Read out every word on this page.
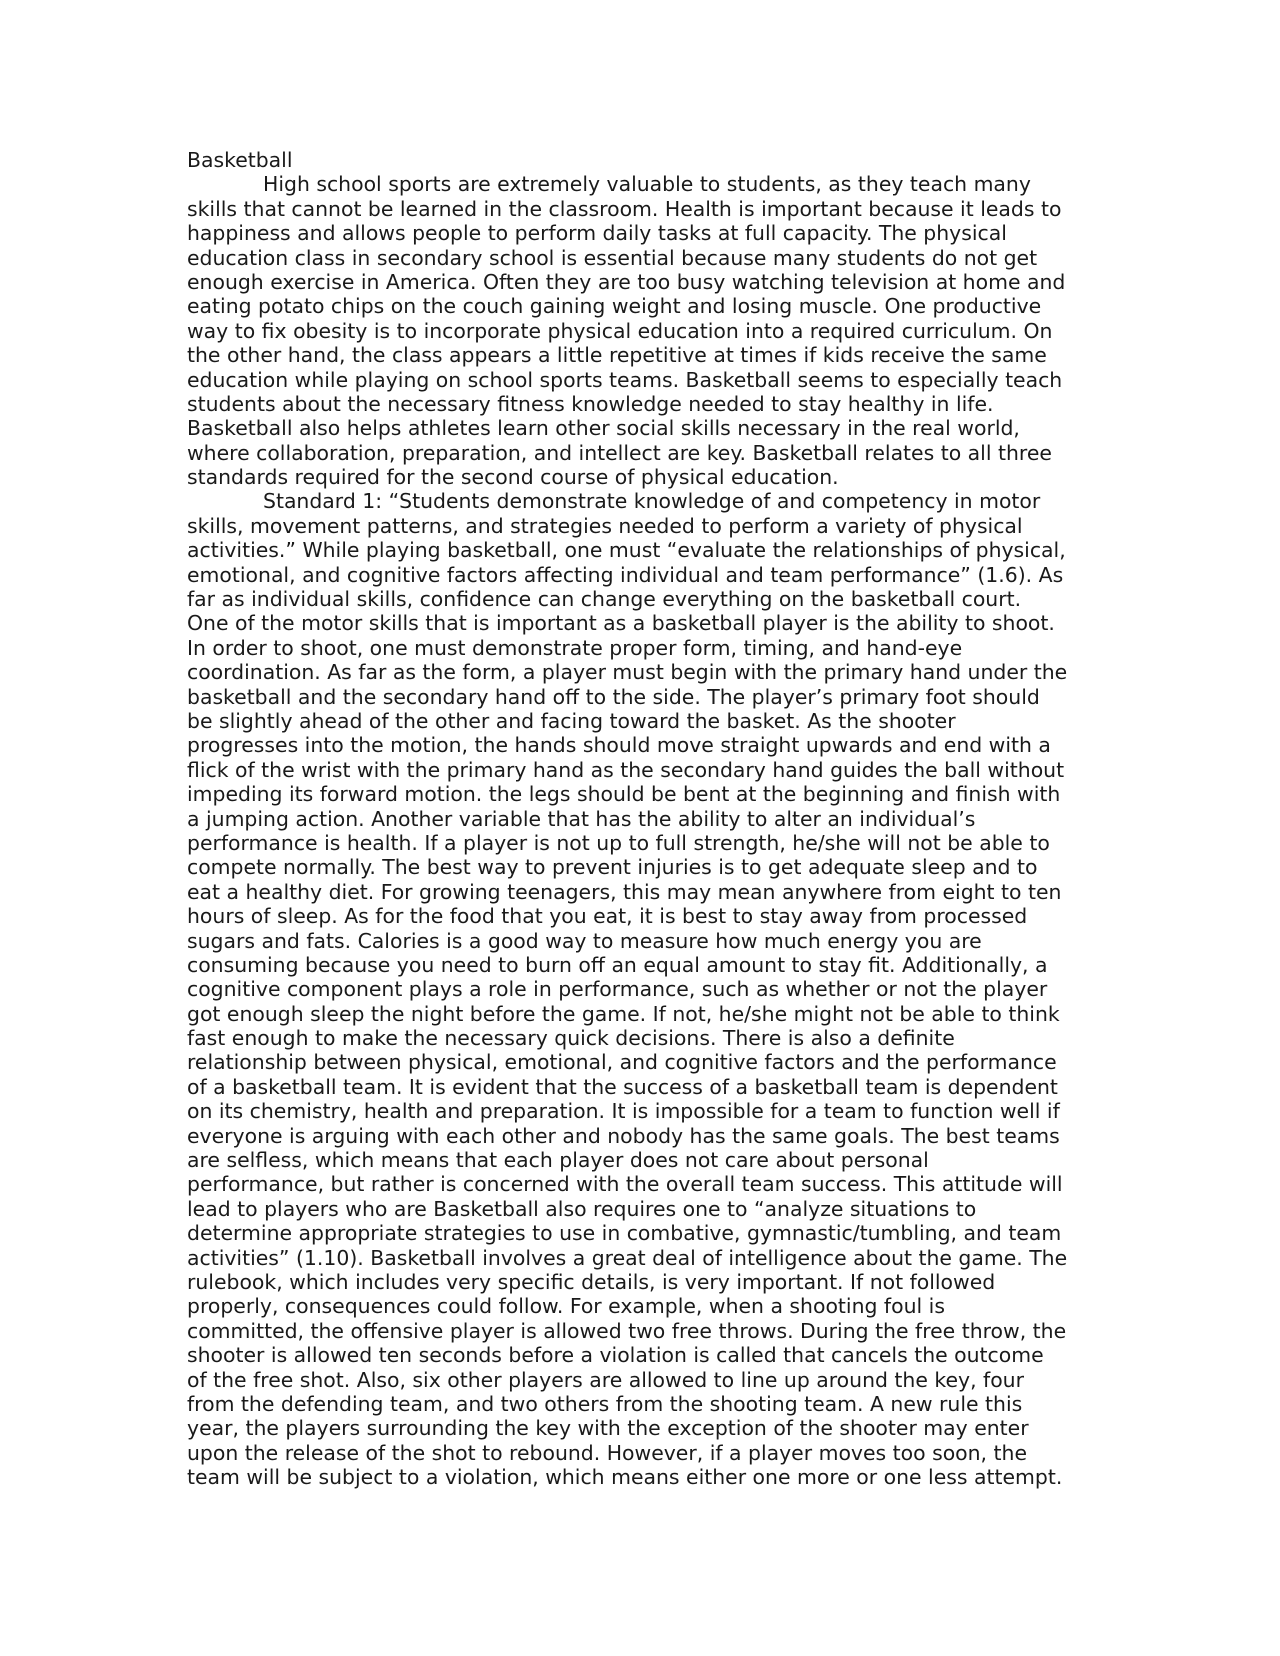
Basketball
High school sports are extremely valuable to students, as they teach many
skills that cannot be learned in the classroom. Health is important because it leads to
happiness and allows people to perform daily tasks at full capacity. The physical
education class in secondary school is essential because many students do not get
enough exercise in America. Often they are too busy watching television at home and
eating potato chips on the couch gaining weight and losing muscle. One productive
way to fix obesity is to incorporate physical education into a required curriculum. On
the other hand, the class appears a little repetitive at times if kids receive the same
education while playing on school sports teams. Basketball seems to especially teach
students about the necessary fitness knowledge needed to stay healthy in life.
Basketball also helps athletes learn other social skills necessary in the real world,
where collaboration, preparation, and intellect are key. Basketball relates to all three
standards required for the second course of physical education.
Standard 1: “Students demonstrate knowledge of and competency in motor
skills, movement patterns, and strategies needed to perform a variety of physical
activities.” While playing basketball, one must “evaluate the relationships of physical,
emotional, and cognitive factors affecting individual and team performance” (1.6). As
far as individual skills, confidence can change everything on the basketball court.
One of the motor skills that is important as a basketball player is the ability to shoot.
In order to shoot, one must demonstrate proper form, timing, and hand-eye
coordination. As far as the form, a player must begin with the primary hand under the
basketball and the secondary hand off to the side. The player’s primary foot should
be slightly ahead of the other and facing toward the basket. As the shooter
progresses into the motion, the hands should move straight upwards and end with a
flick of the wrist with the primary hand as the secondary hand guides the ball without
impeding its forward motion. the legs should be bent at the beginning and finish with
a jumping action. Another variable that has the ability to alter an individual’s
performance is health. If a player is not up to full strength, he/she will not be able to
compete normally. The best way to prevent injuries is to get adequate sleep and to
eat a healthy diet. For growing teenagers, this may mean anywhere from eight to ten
hours of sleep. As for the food that you eat, it is best to stay away from processed
sugars and fats. Calories is a good way to measure how much energy you are
consuming because you need to burn off an equal amount to stay fit. Additionally, a
cognitive component plays a role in performance, such as whether or not the player
got enough sleep the night before the game. If not, he/she might not be able to think
fast enough to make the necessary quick decisions. There is also a definite
relationship between physical, emotional, and cognitive factors and the performance
of a basketball team. It is evident that the success of a basketball team is dependent
on its chemistry, health and preparation. It is impossible for a team to function well if
everyone is arguing with each other and nobody has the same goals. The best teams
are selfless, which means that each player does not care about personal
performance, but rather is concerned with the overall team success. This attitude will
lead to players who are Basketball also requires one to “analyze situations to
determine appropriate strategies to use in combative, gymnastic/tumbling, and team
activities” (1.10). Basketball involves a great deal of intelligence about the game. The
rulebook, which includes very specific details, is very important. If not followed
properly, consequences could follow. For example, when a shooting foul is
committed, the offensive player is allowed two free throws. During the free throw, the
shooter is allowed ten seconds before a violation is called that cancels the outcome
of the free shot. Also, six other players are allowed to line up around the key, four
from the defending team, and two others from the shooting team. A new rule this
year, the players surrounding the key with the exception of the shooter may enter
upon the release of the shot to rebound. However, if a player moves too soon, the
team will be subject to a violation, which means either one more or one less attempt.
